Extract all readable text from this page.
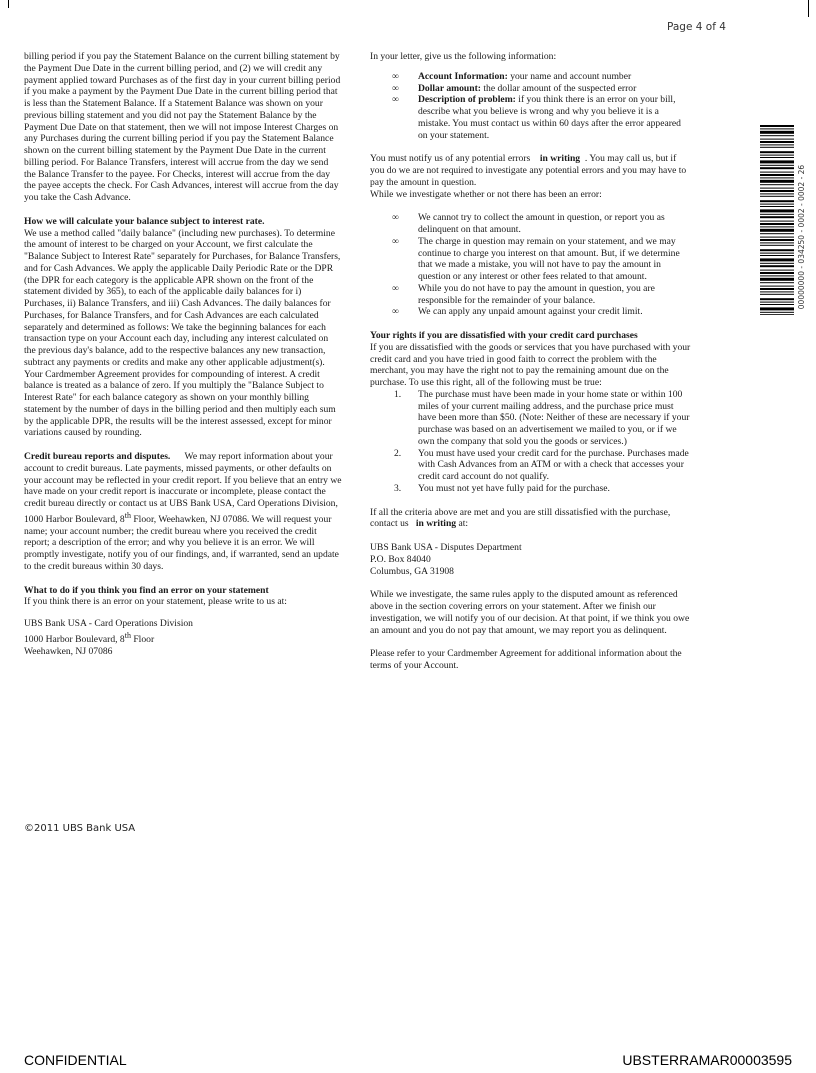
Page 4 of 4

billing period if you pay the Statement Balance on the current billing statement by the Payment Due Date in the current billing period, and (2) we will credit any payment applied toward Purchases as of the first day in your current billing period if you make a payment by the Payment Due Date in the current billing period that is less than the Statement Balance. If a Statement Balance was shown on your previous billing statement and you did not pay the Statement Balance by the Payment Due Date on that statement, then we will not impose Interest Charges on any Purchases during the current billing period if you pay the Statement Balance shown on the current billing statement by the Payment Due Date in the current billing period. For Balance Transfers, interest will accrue from the day we send the Balance Transfer to the payee. For Checks, interest will accrue from the day the payee accepts the check. For Cash Advances, interest will accrue from the day you take the Cash Advance.

How we will calculate your balance subject to interest rate.

We use a method called "daily balance" (including new purchases). To determine the amount of interest to be charged on your Account, we first calculate the "Balance Subject to Interest Rate" separately for Purchases, for Balance Transfers, and for Cash Advances. We apply the applicable Daily Periodic Rate or the DPR (the DPR for each category is the applicable APR shown on the front of the statement divided by 365), to each of the applicable daily balances for i) Purchases, ii) Balance Transfers, and iii) Cash Advances. The daily balances for Purchases, for Balance Transfers, and for Cash Advances are each calculated separately and determined as follows: We take the beginning balances for each transaction type on your Account each day, including any interest calculated on the previous day's balance, add to the respective balances any new transaction, subtract any payments or credits and make any other applicable adjustment(s). Your Cardmember Agreement provides for compounding of interest. A credit balance is treated as a balance of zero. If you multiply the "Balance Subject to Interest Rate" for each balance category as shown on your monthly billing statement by the number of days in the billing period and then multiply each sum by the applicable DPR, the results will be the interest assessed, except for minor variations caused by rounding.

Credit bureau reports and disputes. We may report information about your account to credit bureaus. Late payments, missed payments, or other defaults on your account may be reflected in your credit report. If you believe that an entry we have made on your credit report is inaccurate or incomplete, please contact the credit bureau directly or contact us at UBS Bank USA, Card Operations Division, 1000 Harbor Boulevard, 8th Floor, Weehawken, NJ 07086. We will request your name; your account number; the credit bureau where you received the credit report; a description of the error; and why you believe it is an error. We will promptly investigate, notify you of our findings, and, if warranted, send an update to the credit bureaus within 30 days.

What to do if you think you find an error on your statement

If you think there is an error on your statement, please write to us at:

UBS Bank USA - Card Operations Division

1000 Harbor Boulevard, 8th Floor

Weehawken, NJ 07086

In your letter, give us the following information:

∞ Account Information: your name and account number
∞ Dollar amount: the dollar amount of the suspected error
∞ Description of problem: if you think there is an error on your bill, describe what you believe is wrong and why you believe it is a mistake. You must contact us within 60 days after the error appeared on your statement.

You must notify us of any potential errors    in writing . You may call us, but if you do we are not required to investigate any potential errors and you may have to pay the amount in question.

While we investigate whether or not there has been an error:

∞ We cannot try to collect the amount in question, or report you as delinquent on that amount.
∞ The charge in question may remain on your statement, and we may continue to charge you interest on that amount. But, if we determine that we made a mistake, you will not have to pay the amount in question or any interest or other fees related to that amount.
∞ While you do not have to pay the amount in question, you are responsible for the remainder of your balance.
∞ We can apply any unpaid amount against your credit limit.

Your rights if you are dissatisfied with your credit card purchases

If you are dissatisfied with the goods or services that you have purchased with your credit card and you have tried in good faith to correct the problem with the merchant, you may have the right not to pay the remaining amount due on the purchase. To use this right, all of the following must be true:

1. The purchase must have been made in your home state or within 100 miles of your current mailing address, and the purchase price must have been more than $50. (Note: Neither of these are necessary if your purchase was based on an advertisement we mailed to you, or if we own the company that sold you the goods or services.)
2. You must have used your credit card for the purchase. Purchases made with Cash Advances from an ATM or with a check that accesses your credit card account do not qualify.
3. You must not yet have fully paid for the purchase.

If all the criteria above are met and you are still dissatisfied with the purchase, contact us   in writing at:

UBS Bank USA - Disputes Department

P.O. Box 84040

Columbus, GA 31908

While we investigate, the same rules apply to the disputed amount as referenced above in the section covering errors on your statement. After we finish our investigation, we will notify you of our decision. At that point, if we think you owe an amount and you do not pay that amount, we may report you as delinquent.

Please refer to your Cardmember Agreement for additional information about the terms of your Account.

00000000 - 034250 - 0002 - 0002 - 26
©2011 UBS Bank USA
CONFIDENTIAL	UBSTERRAMAR00003595
